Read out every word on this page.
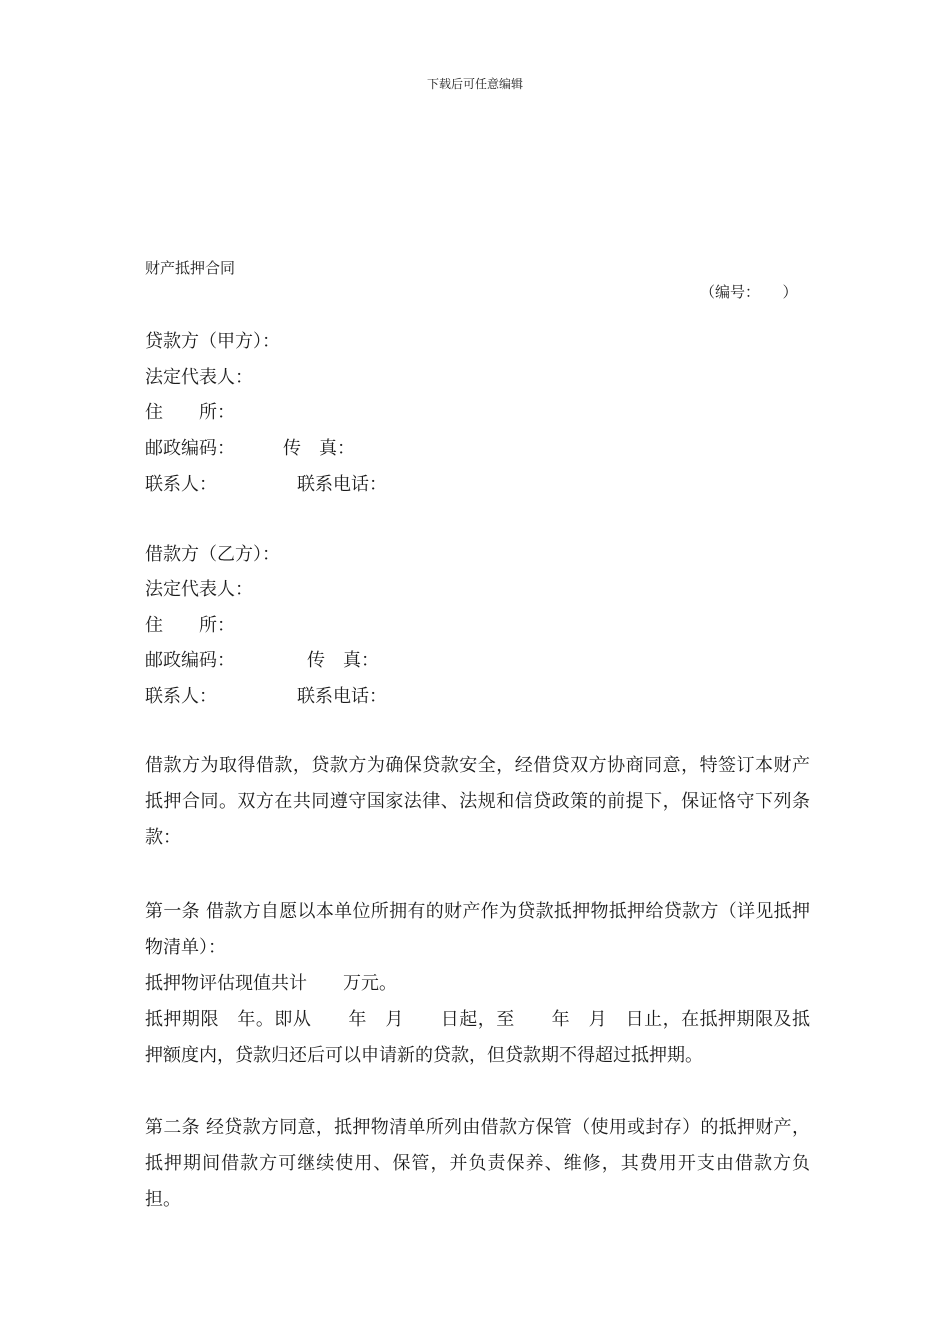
下载后可任意编辑
财产抵押合同
（编号：　　）
贷款方（甲方）：
法定代表人：
住　　所：
邮政编码：	传　真：
联系人：	联系电话：
借款方（乙方）：
法定代表人：
住　　所：
邮政编码：	传　真：
联系人：	联系电话：
借款方为取得借款，贷款方为确保贷款安全，经借贷双方协商同意，特签订本财产抵押合同。双方在共同遵守国家法律、法规和信贷政策的前提下，保证恪守下列条款：
第一条 借款方自愿以本单位所拥有的财产作为贷款抵押物抵押给贷款方（详见抵押物清单）：
抵押物评估现值共计　　万元。
抵押期限　年。即从　　年　月　　日起，至　　年　月　日止，在抵押期限及抵押额度内，贷款归还后可以申请新的贷款，但贷款期不得超过抵押期。
第二条 经贷款方同意，抵押物清单所列由借款方保管（使用或封存）的抵押财产，抵押期间借款方可继续使用、保管，并负责保养、维修，其费用开支由借款方负担。
